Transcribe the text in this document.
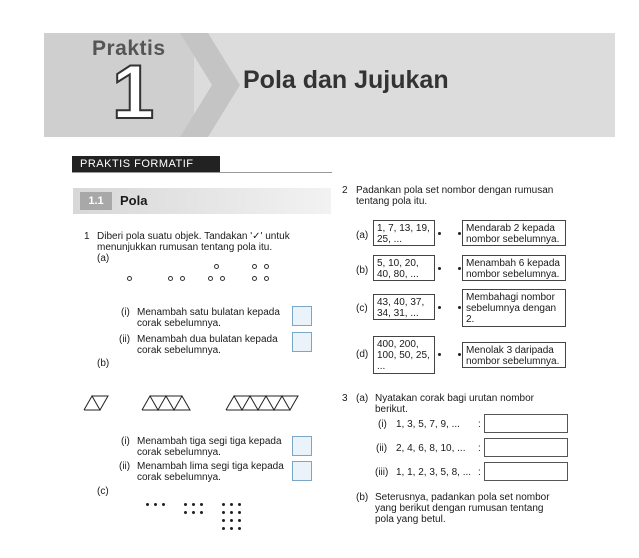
Praktis
1	Pola dan Jujukan
PRAKTIS FORMATIF
1.1	Pola
1 Diberi pola suatu objek. Tandakan '✓' untuk
menunjukkan rumusan tentang pola itu.
(a)
(i) Menambah satu bulatan kepada
corak sebelumnya.
(ii) Menambah dua bulatan kepada
corak sebelumnya.
(b)
(i) Menambah tiga segi tiga kepada
corak sebelumnya.
(ii) Menambah lima segi tiga kepada
corak sebelumnya.
(c)
2 Padankan pola set nombor dengan rumusan
tentang pola itu.
(a)
1, 7, 13, 19,
25, ...
Mendarab 2 kepada
nombor sebelumnya.
(b)
5, 10, 20,
40, 80, ...
Menambah 6 kepada
nombor sebelumnya.
(c)
43, 40, 37,
34, 31, ...
Membahagi nombor
sebelumnya dengan
2.
(d)
400, 200,
100, 50, 25,
...
Menolak 3 daripada
nombor sebelumnya.
3 (a) Nyatakan corak bagi urutan nombor
berikut.
(i) 1, 3, 5, 7, 9, ... :
(ii) 2, 4, 6, 8, 10, ... :
(iii) 1, 1, 2, 3, 5, 8, ... :
(b) Seterusnya, padankan pola set nombor
yang berikut dengan rumusan tentang
pola yang betul.
